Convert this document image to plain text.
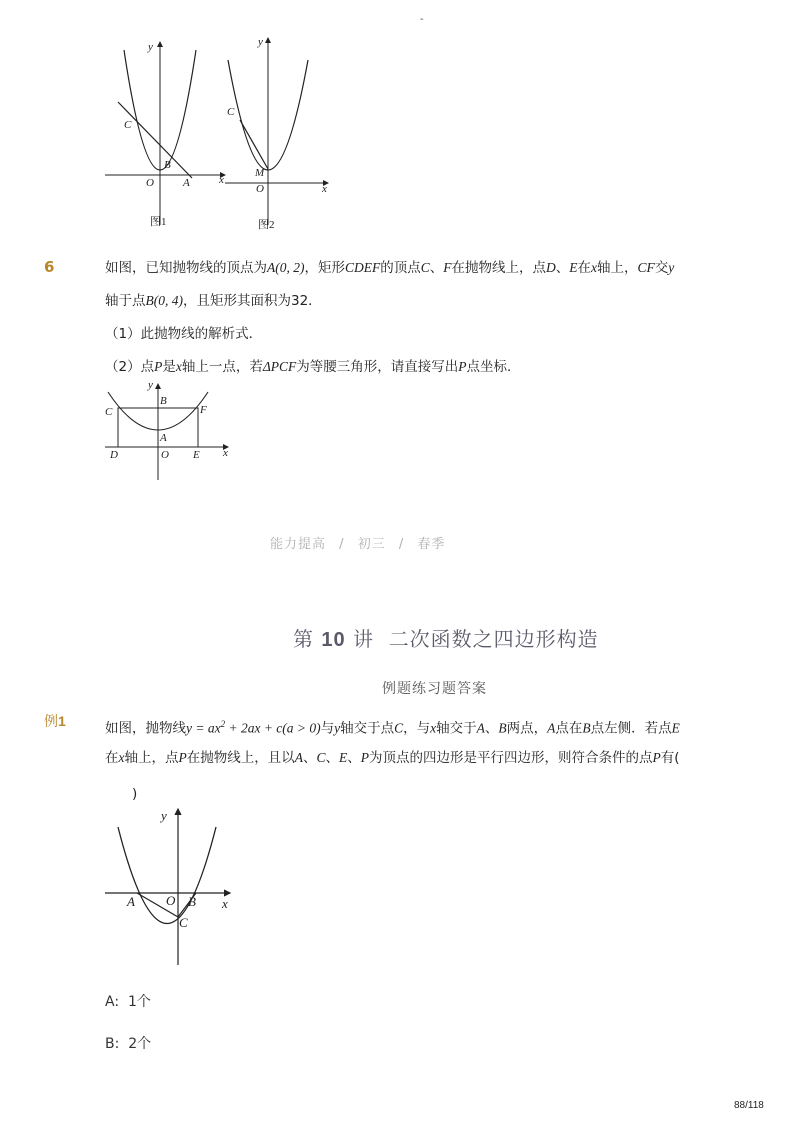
-
y
x
O	A
B
C
图1
y
x
O
M
C
图2
6	如图，已知抛物线的顶点为A(0, 2)，矩形CDEF的顶点C、F在抛物线上，点D、E在x轴上，CF交y
轴于点B(0, 4)，且矩形其面积为32．
（1）此抛物线的解析式．
（2）点P是x轴上一点，若ΔPCF为等腰三角形，请直接写出P点坐标．
y
x
B
C	F
A
D	O E
能力提高 / 初三 / 春季
第 10 讲 二次函数之四边形构造
例题练习题答案
例1	如图，抛物线$y = ax^2 + 2ax + c(a > 0)$与y轴交于点C，与x轴交于A、B两点，A点在B点左侧．若点E
在x轴上，点P在抛物线上，且以A、C、E、P为顶点的四边形是平行四边形，则符合条件的点P有(
)
y
x
A O B
C
A: 1个
B: 2个
88/118
